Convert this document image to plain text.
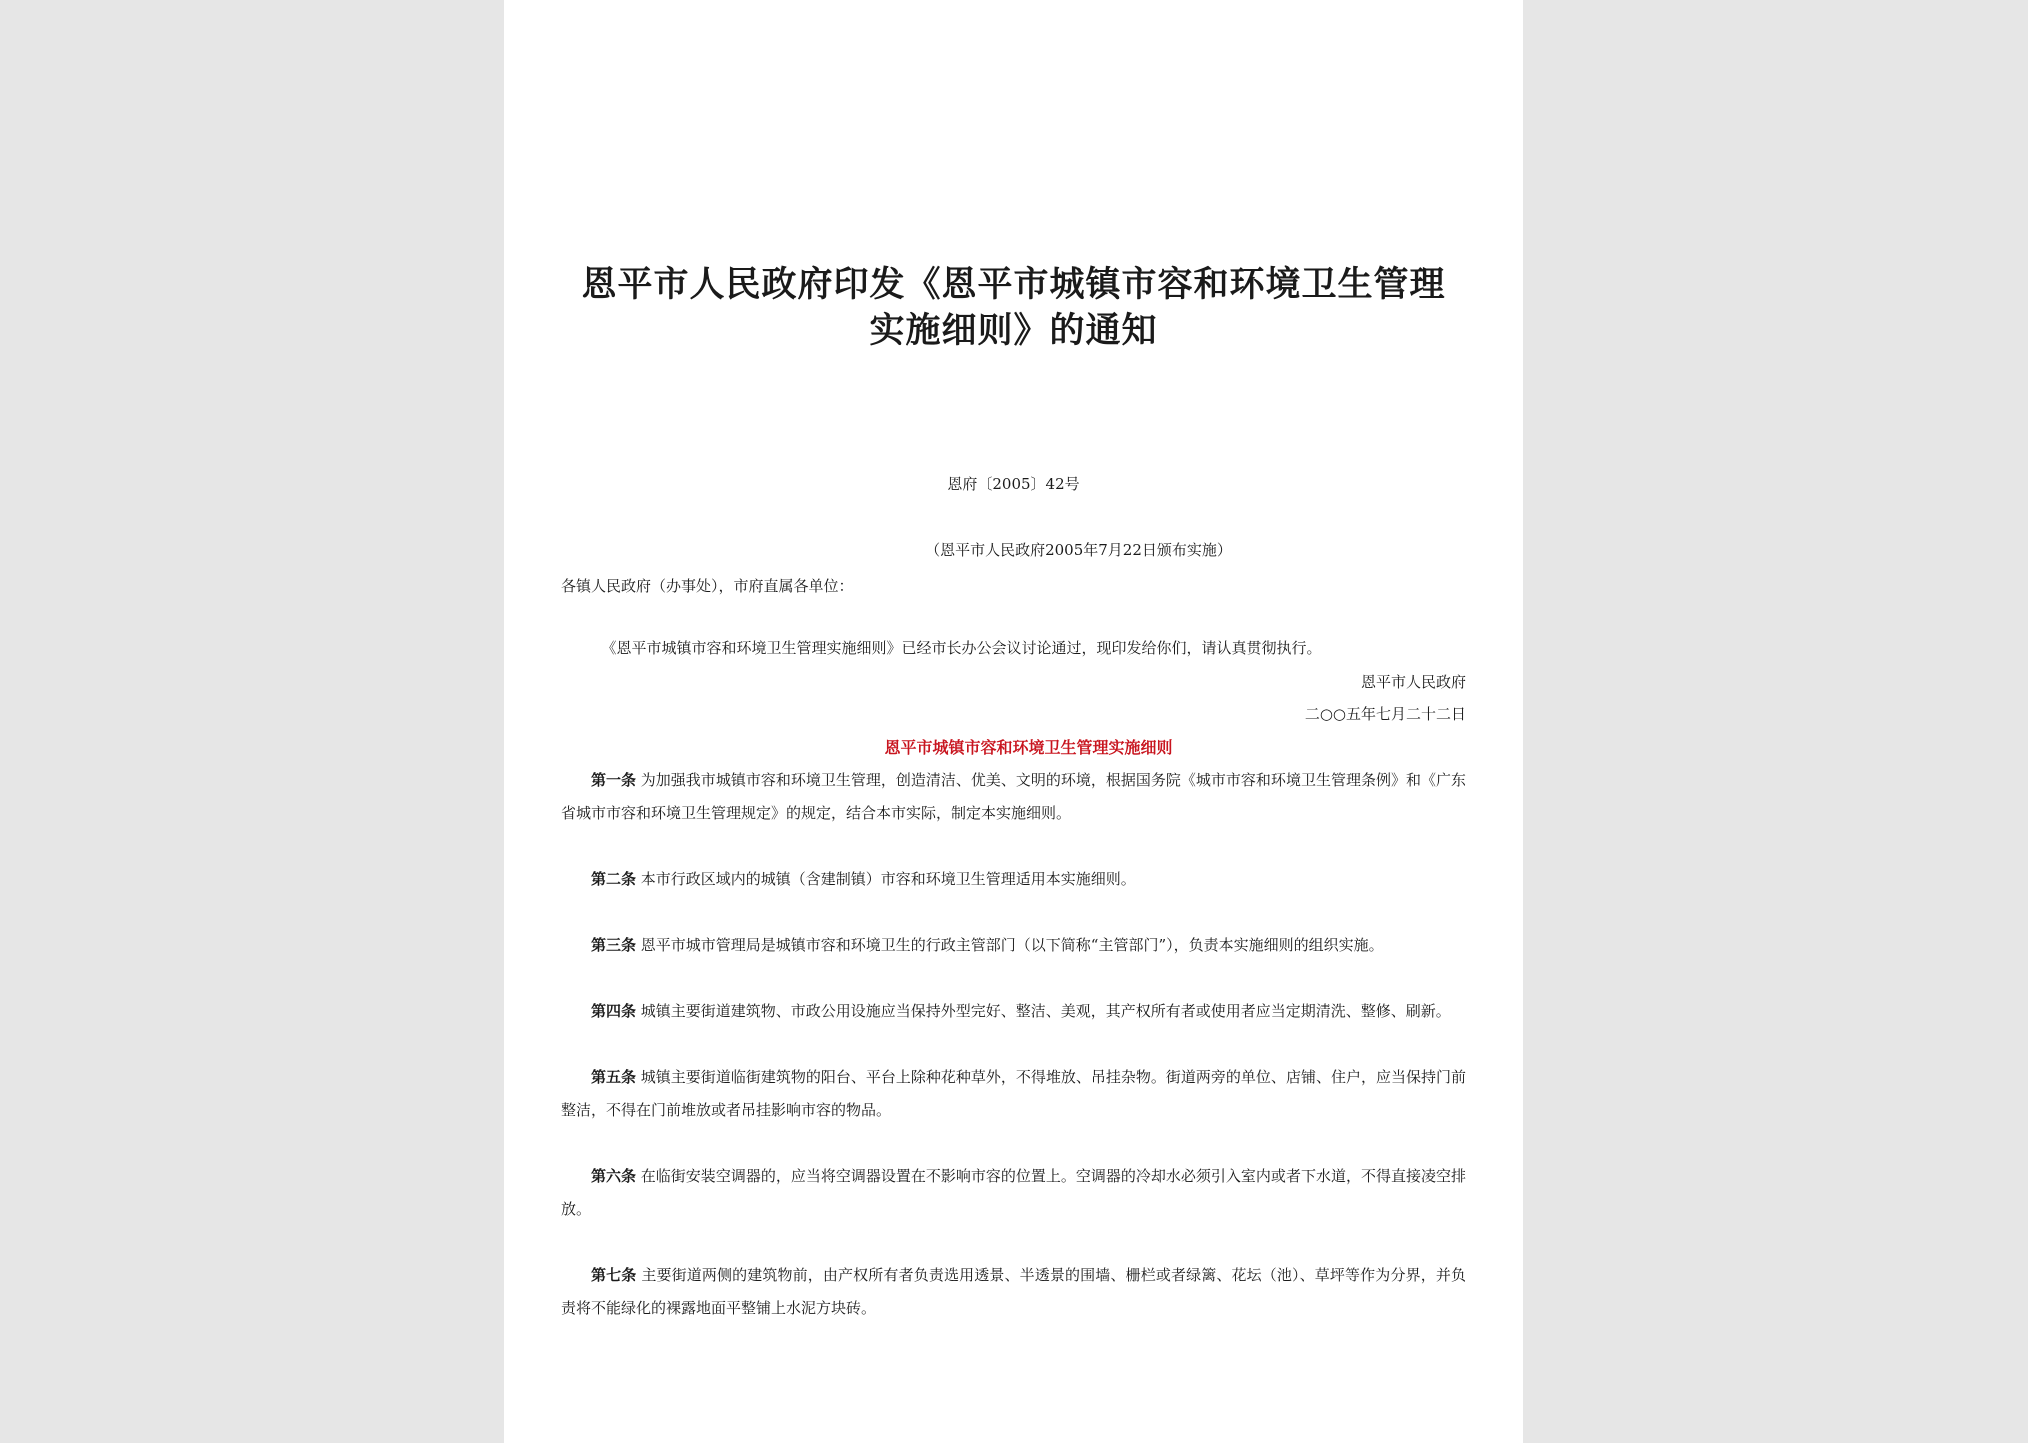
恩平市人民政府印发《恩平市城镇市容和环境卫生管理
实施细则》的通知
恩府〔2005〕42号
（恩平市人民政府2005年7月22日颁布实施）
各镇人民政府（办事处），市府直属各单位：
《恩平市城镇市容和环境卫生管理实施细则》已经市长办公会议讨论通过，现印发给你们，请认真贯彻执行。
恩平市人民政府
二○○五年七月二十二日
恩平市城镇市容和环境卫生管理实施细则

第一条 为加强我市城镇市容和环境卫生管理，创造清洁、优美、文明的环境，根据国务院《城市市容和环境卫生管理条例》和《广东省城市市容和环境卫生管理规定》的规定，结合本市实际，制定本实施细则。

第二条 本市行政区域内的城镇（含建制镇）市容和环境卫生管理适用本实施细则。

第三条 恩平市城市管理局是城镇市容和环境卫生的行政主管部门（以下简称“主管部门”），负责本实施细则的组织实施。

第四条 城镇主要街道建筑物、市政公用设施应当保持外型完好、整洁、美观，其产权所有者或使用者应当定期清洗、整修、刷新。

第五条 城镇主要街道临街建筑物的阳台、平台上除种花种草外，不得堆放、吊挂杂物。街道两旁的单位、店铺、住户，应当保持门前整洁，不得在门前堆放或者吊挂影响市容的物品。

第六条 在临街安装空调器的，应当将空调器设置在不影响市容的位置上。空调器的冷却水必须引入室内或者下水道，不得直接凌空排放。

第七条 主要街道两侧的建筑物前，由产权所有者负责选用透景、半透景的围墙、栅栏或者绿篱、花坛（池）、草坪等作为分界，并负责将不能绿化的裸露地面平整铺上水泥方块砖。
